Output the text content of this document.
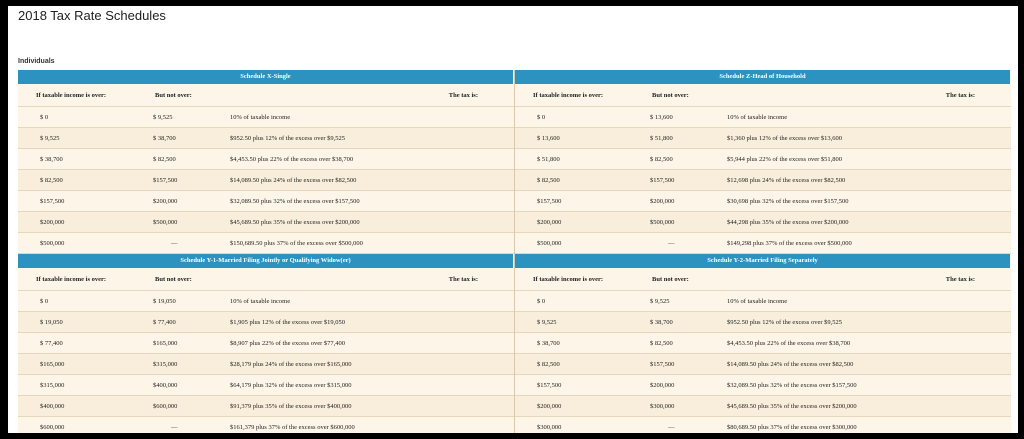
2018 Tax Rate Schedules
Individuals
Schedule X-Single
If taxable income is over:	But not over:	The tax is:
$ 0	$ 9,525	10% of taxable income
$ 9,525	$ 38,700	$952.50 plus 12% of the excess over $9,525
$ 38,700	$ 82,500	$4,453.50 plus 22% of the excess over $38,700
$ 82,500	$157,500	$14,089.50 plus 24% of the excess over $82,500
$157,500	$200,000	$32,089.50 plus 32% of the excess over $157,500
$200,000	$500,000	$45,689.50 plus 35% of the excess over $200,000
$500,000	—	$150,689.50 plus 37% of the excess over $500,000
Schedule Z-Head of Household
If taxable income is over:	But not over:	The tax is:
$ 0	$ 13,600	10% of taxable income
$ 13,600	$ 51,800	$1,360 plus 12% of the excess over $13,600
$ 51,800	$ 82,500	$5,944 plus 22% of the excess over $51,800
$ 82,500	$157,500	$12,698 plus 24% of the excess over $82,500
$157,500	$200,000	$30,698 plus 32% of the excess over $157,500
$200,000	$500,000	$44,298 plus 35% of the excess over $200,000
$500,000	—	$149,298 plus 37% of the excess over $500,000
Schedule Y-1-Married Filing Jointly or Qualifying Widow(er)
If taxable income is over:	But not over:	The tax is:
$ 0	$ 19,050	10% of taxable income
$ 19,050	$ 77,400	$1,905 plus 12% of the excess over $19,050
$ 77,400	$165,000	$8,907 plus 22% of the excess over $77,400
$165,000	$315,000	$28,179 plus 24% of the excess over $165,000
$315,000	$400,000	$64,179 plus 32% of the excess over $315,000
$400,000	$600,000	$91,379 plus 35% of the excess over $400,000
$600,000	—	$161,379 plus 37% of the excess over $600,000
Schedule Y-2-Married Filing Separately
If taxable income is over:	But not over:	The tax is:
$ 0	$ 9,525	10% of taxable income
$ 9,525	$ 38,700	$952.50 plus 12% of the excess over $9,525
$ 38,700	$ 82,500	$4,453.50 plus 22% of the excess over $38,700
$ 82,500	$157,500	$14,089.50 plus 24% of the excess over $82,500
$157,500	$200,000	$32,089.50 plus 32% of the excess over $157,500
$200,000	$300,000	$45,689.50 plus 35% of the excess over $200,000
$300,000	—	$80,689.50 plus 37% of the excess over $300,000
